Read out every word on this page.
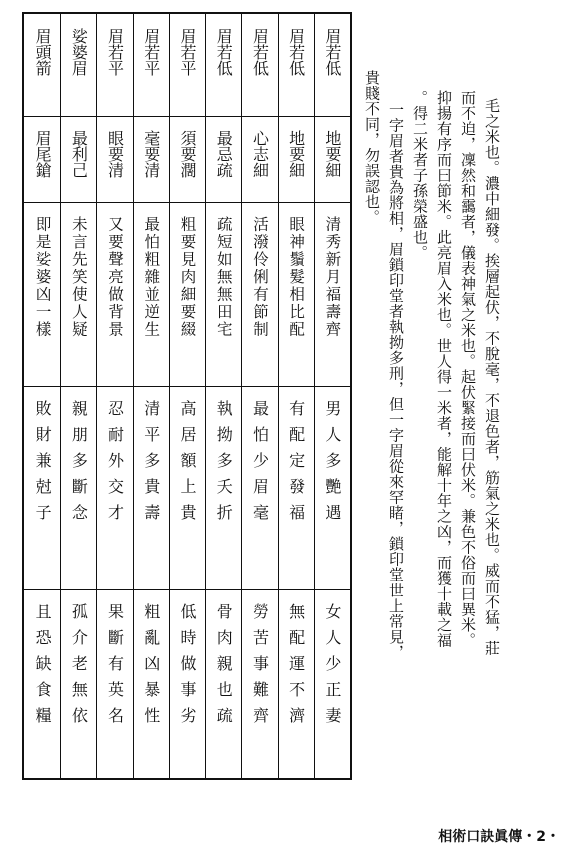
眉若低
地要細
清秀新月福壽齊
男人多艷遇
女人少正妻
眉若低
地要細
眼神鬚髮相比配
有配定發福
無配運不濟
眉若低
心志細
活潑伶俐有節制
最怕少眉毫
勞苦事難齊
眉若低
最忌疏
疏短如無無田宅
執拗多夭折
骨肉親也疏
眉若平
須要濶
粗要見肉細要綴
高居額上貴
低時做事劣
眉若平
毫要清
最怕粗雜並逆生
清平多貴壽
粗亂凶暴性
眉若平
眼要清
又要聲亮做背景
忍耐外交才
果斷有英名
娑婆眉
最利己
未言先笑使人疑
親朋多斷念
孤介老無依
眉頭箭
眉尾鎗
即是娑婆凶一樣
敗財兼尅子
且恐缺食糧

毛之米也。濃中細發。挨層起伏，不脫毫，不退色者，筋氣之米也。威而不猛，莊

而不迫，凜然和靄者，儀表神氣之米也。起伏緊接而曰伏米。兼色不俗而曰異米。

抑揚有序而曰節米。此亮眉入米也。世人得一米者，能解十年之凶，而獲十載之福

。得二米者子孫榮盛也。

一字眉者貴為將相，眉鎖印堂者執拗多刑，但一字眉從來罕睹，鎖印堂世上常見，

貴賤不同，勿誤認也。

相術口訣眞傳・2・
